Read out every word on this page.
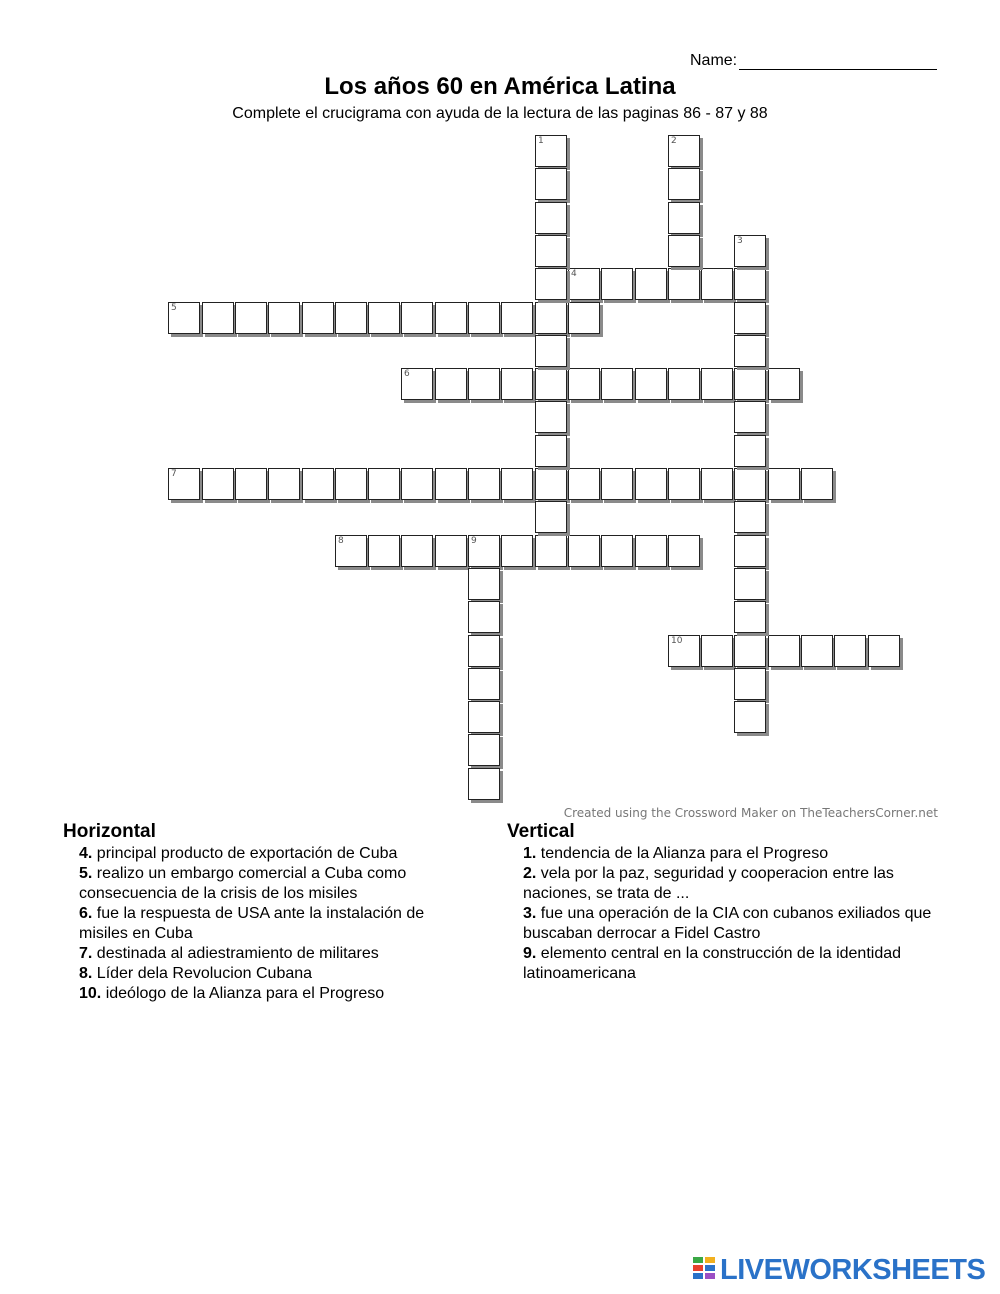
Name:
Los años 60 en América Latina
Complete el crucigrama con ayuda de la lectura de las paginas 86 - 87 y 88
4
5
6
7
8	9
10
1	2
3
Created using the Crossword Maker on TheTeachersCorner.net
Horizontal
4. principal producto de exportación de Cuba
5. realizo un embargo comercial a Cuba como consecuencia de la crisis de los misiles
6. fue la respuesta de USA ante la instalación de misiles en Cuba
7. destinada al adiestramiento de militares
8. Líder dela Revolucion Cubana
10. ideólogo de la Alianza para el Progreso
Vertical
1. tendencia de la Alianza para el Progreso
2. vela por la paz, seguridad y cooperacion entre las naciones, se trata de ...
3. fue una operación de la CIA con cubanos exiliados que buscaban derrocar a Fidel Castro
9. elemento central en la construcción de la identidad latinoamericana
LIVEWORKSHEETS
